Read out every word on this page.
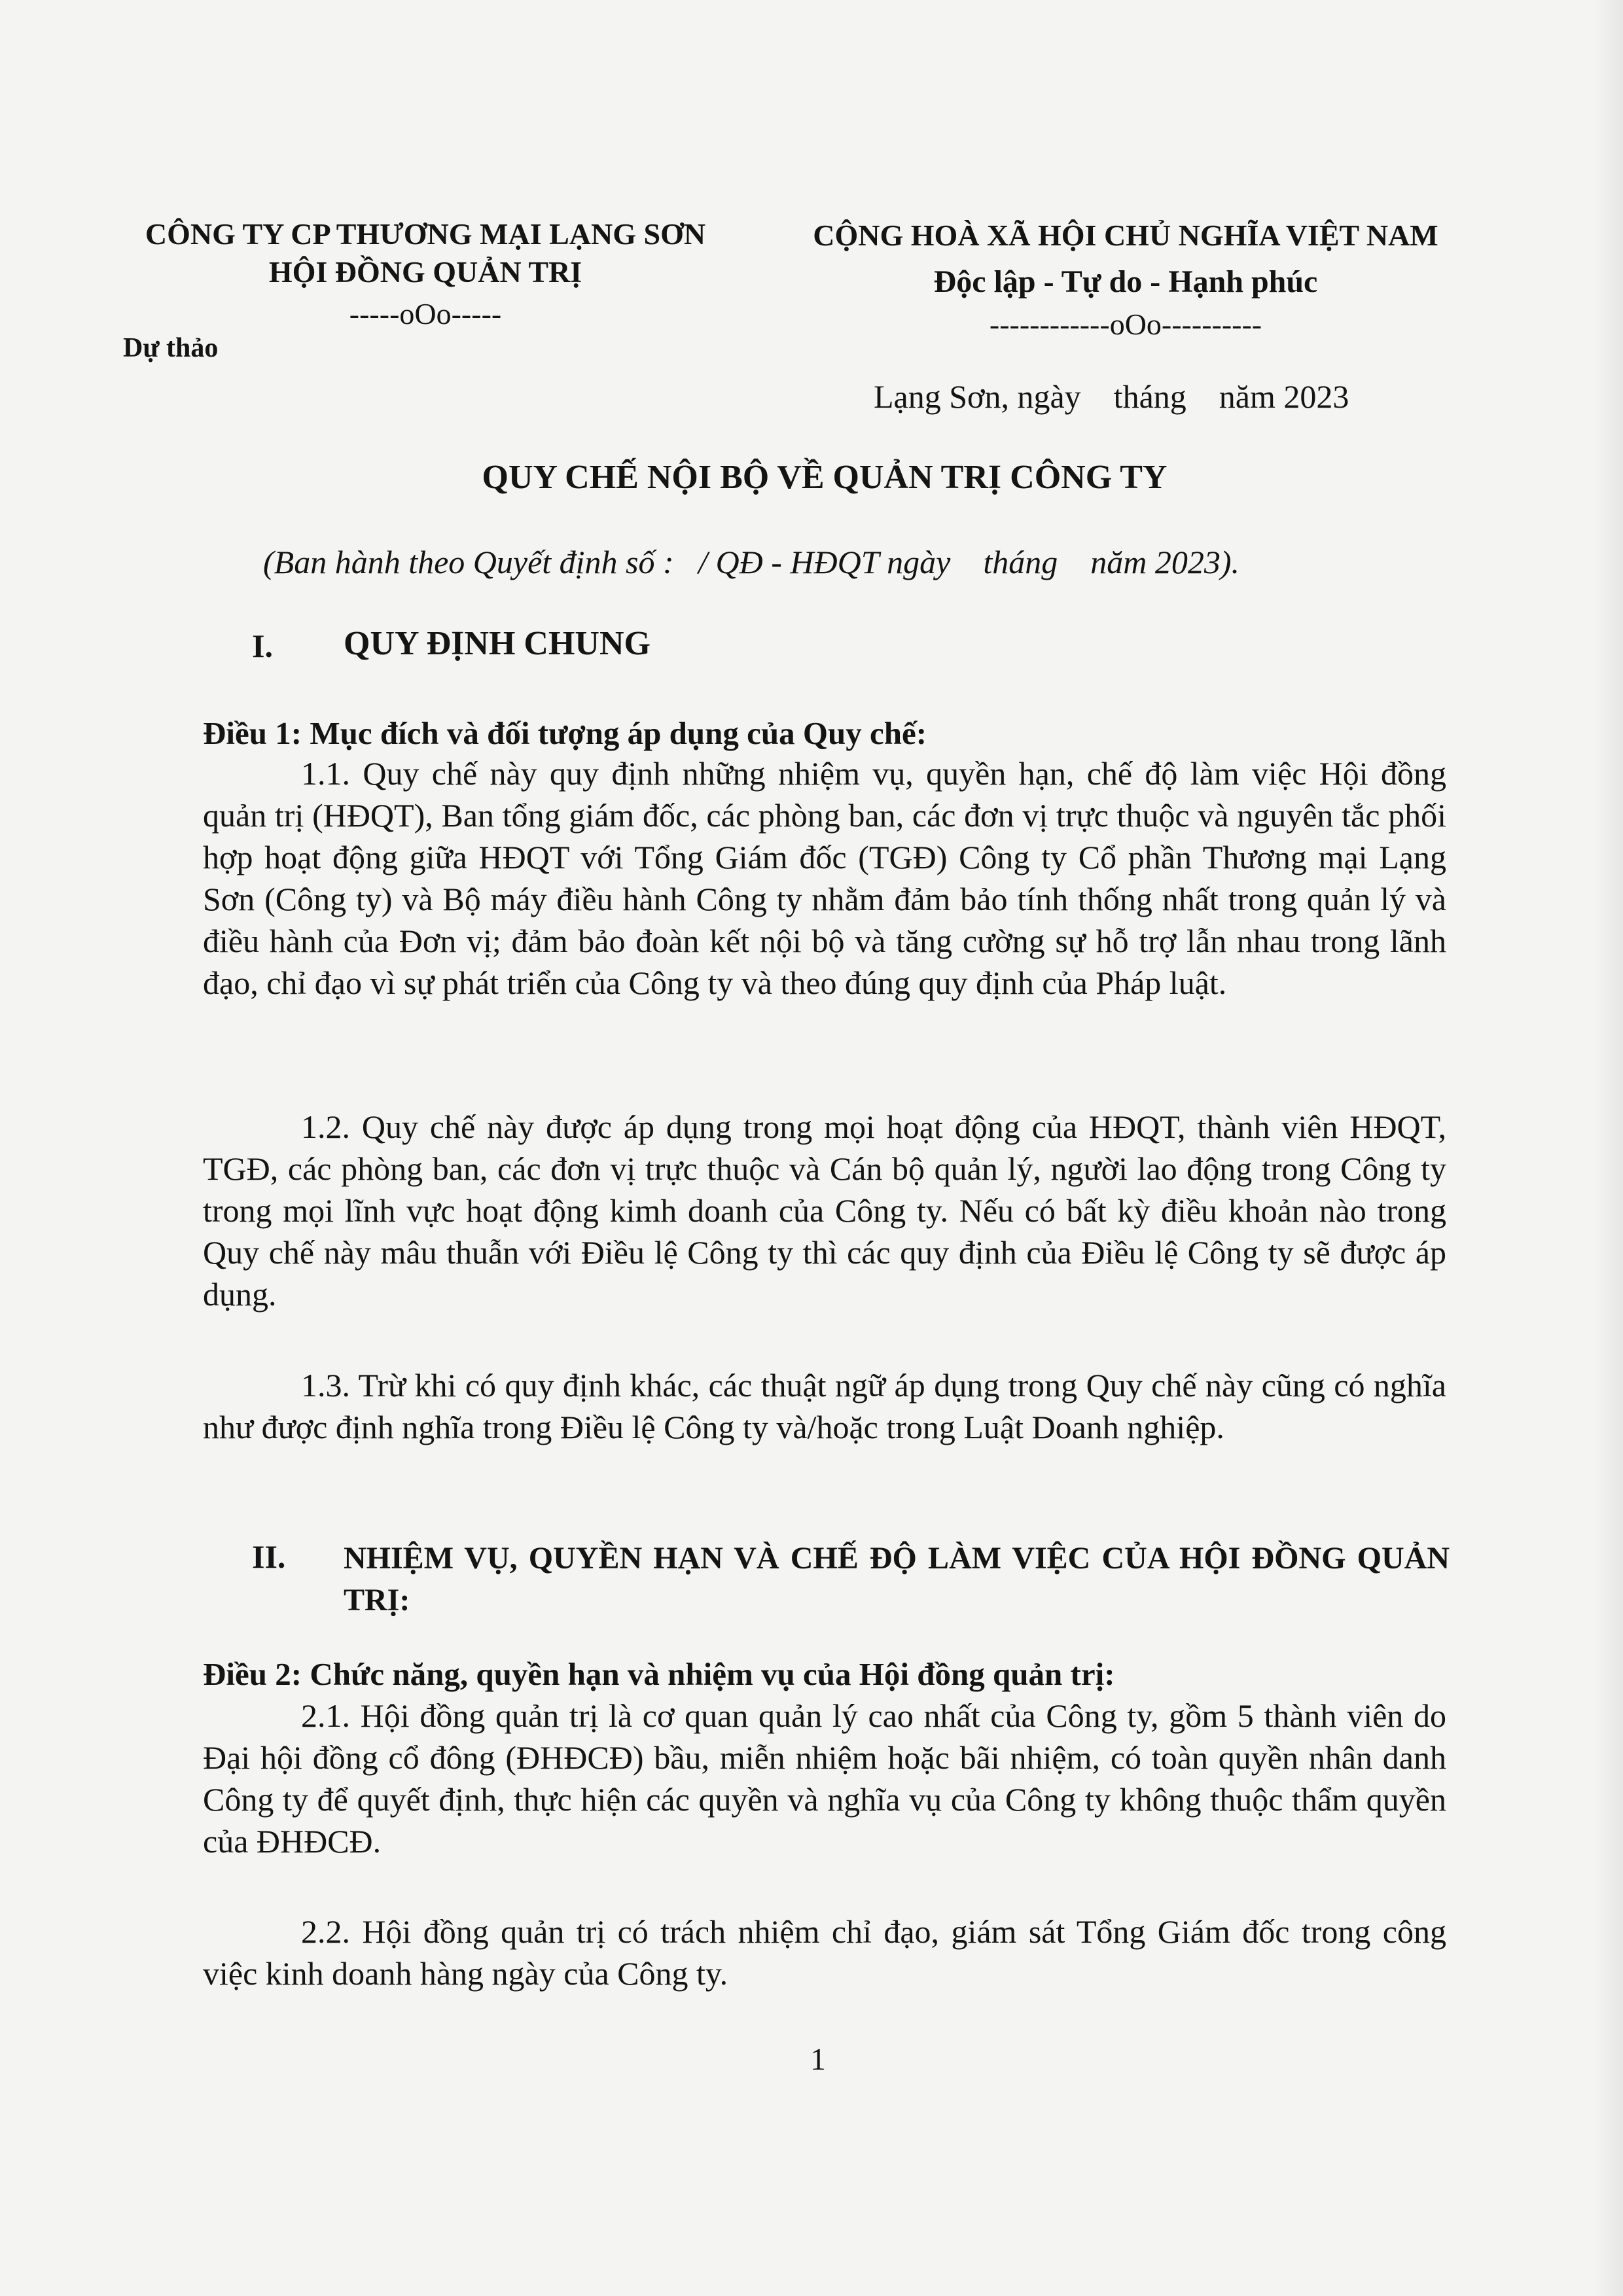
CÔNG TY CP THƯƠNG MẠI LẠNG SƠN
HỘI ĐỒNG QUẢN TRỊ
-----oOo-----
Dự thảo
CỘNG HOÀ XÃ HỘI CHỦ NGHĨA VIỆT NAM
Độc lập - Tự do - Hạnh phúc
------------oOo----------
Lạng Sơn, ngày    tháng    năm 2023
QUY CHẾ NỘI BỘ VỀ QUẢN TRỊ CÔNG TY
(Ban hành theo Quyết định số :   / QĐ - HĐQT ngày    tháng    năm 2023).
I. QUY ĐỊNH CHUNG
Điều 1: Mục đích và đối tượng áp dụng của Quy chế:
1.1. Quy chế này quy định những nhiệm vụ, quyền hạn, chế độ làm việc Hội đồng quản trị (HĐQT), Ban tổng giám đốc, các phòng ban, các đơn vị trực thuộc và nguyên tắc phối hợp hoạt động giữa HĐQT với Tổng Giám đốc (TGĐ) Công ty Cổ phần Thương mại Lạng Sơn (Công ty) và Bộ máy điều hành Công ty nhằm đảm bảo tính thống nhất trong quản lý và điều hành của Đơn vị; đảm bảo đoàn kết nội bộ và tăng cường sự hỗ trợ lẫn nhau trong lãnh đạo, chỉ đạo vì sự phát triển của Công ty và theo đúng quy định của Pháp luật.
1.2. Quy chế này được áp dụng trong mọi hoạt động của HĐQT, thành viên HĐQT, TGĐ, các phòng ban, các đơn vị trực thuộc và Cán bộ quản lý, người lao động trong Công ty trong mọi lĩnh vực hoạt động kimh doanh của Công ty. Nếu có bất kỳ điều khoản nào trong Quy chế này mâu thuẫn với Điều lệ Công ty thì các quy định của Điều lệ Công ty sẽ được áp dụng.
1.3. Trừ khi có quy định khác, các thuật ngữ áp dụng trong Quy chế này cũng có nghĩa như được định nghĩa trong Điều lệ Công ty và/hoặc trong Luật Doanh nghiệp.
II. NHIỆM VỤ, QUYỀN HẠN VÀ CHẾ ĐỘ LÀM VIỆC CỦA HỘI ĐỒNG QUẢN TRỊ:
Điều 2: Chức năng, quyền hạn và nhiệm vụ của Hội đồng quản trị:
2.1. Hội đồng quản trị là cơ quan quản lý cao nhất của Công ty, gồm 5 thành viên do Đại hội đồng cổ đông (ĐHĐCĐ) bầu, miễn nhiệm hoặc bãi nhiệm, có toàn quyền nhân danh Công ty để quyết định, thực hiện các quyền và nghĩa vụ của Công ty không thuộc thẩm quyền của ĐHĐCĐ.
2.2. Hội đồng quản trị có trách nhiệm chỉ đạo, giám sát Tổng Giám đốc trong công việc kinh doanh hàng ngày của Công ty.
1
